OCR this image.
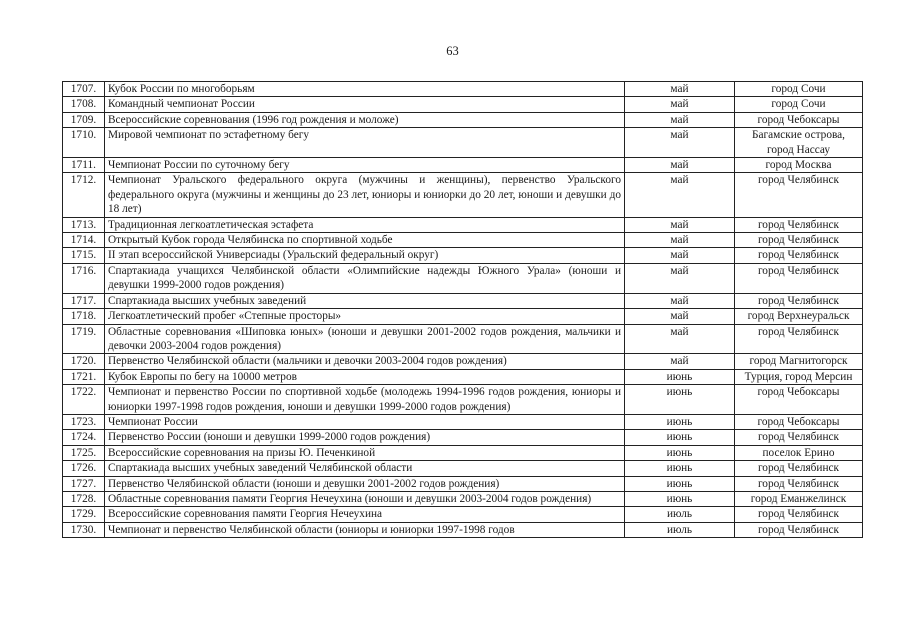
63
1707.	Кубок России по многоборьям	май	город Сочи
1708.	Командный чемпионат России	май	город Сочи
1709.	Всероссийские соревнования (1996 год рождения и моложе)	май	город Чебоксары
1710.	Мировой чемпионат по эстафетному бегу	май	Багамские острова, город Нассау
1711.	Чемпионат России по суточному бегу	май	город Москва
1712.	Чемпионат Уральского федерального округа (мужчины и женщины), первенство Уральского федерального округа (мужчины и женщины до 23 лет, юниоры и юниорки до 20 лет, юноши и девушки до 18 лет)	май	город Челябинск
1713.	Традиционная легкоатлетическая эстафета	май	город Челябинск
1714.	Открытый Кубок города Челябинска по спортивной ходьбе	май	город Челябинск
1715.	II этап всероссийской Универсиады (Уральский федеральный округ)	май	город Челябинск
1716.	Спартакиада учащихся Челябинской области «Олимпийские надежды Южного Урала» (юноши и девушки 1999-2000 годов рождения)	май	город Челябинск
1717.	Спартакиада высших учебных заведений	май	город Челябинск
1718.	Легкоатлетический пробег «Степные просторы»	май	город Верхнеуральск
1719.	Областные соревнования «Шиповка юных» (юноши и девушки 2001-2002 годов рождения, мальчики и девочки 2003-2004 годов рождения)	май	город Челябинск
1720.	Первенство Челябинской области (мальчики и девочки 2003-2004 годов рождения)	май	город Магнитогорск
1721.	Кубок Европы по бегу на 10000 метров	июнь	Турция, город Мерсин
1722.	Чемпионат и первенство России по спортивной ходьбе (молодежь 1994-1996 годов рождения, юниоры и юниорки 1997-1998 годов рождения, юноши и девушки 1999-2000 годов рождения)	июнь	город Чебоксары
1723.	Чемпионат России	июнь	город Чебоксары
1724.	Первенство России (юноши и девушки 1999-2000 годов рождения)	июнь	город Челябинск
1725.	Всероссийские соревнования на призы Ю. Печенкиной	июнь	поселок Ерино
1726.	Спартакиада высших учебных заведений Челябинской области	июнь	город Челябинск
1727.	Первенство Челябинской области (юноши и девушки 2001-2002 годов рождения)	июнь	город Челябинск
1728.	Областные соревнования памяти Георгия Нечеухина (юноши и девушки 2003-2004 годов рождения)	июнь	город Еманжелинск
1729.	Всероссийские соревнования памяти Георгия Нечеухина	июль	город Челябинск
1730.	Чемпионат и первенство Челябинской области (юниоры и юниорки 1997-1998 годов	июль	город Челябинск
